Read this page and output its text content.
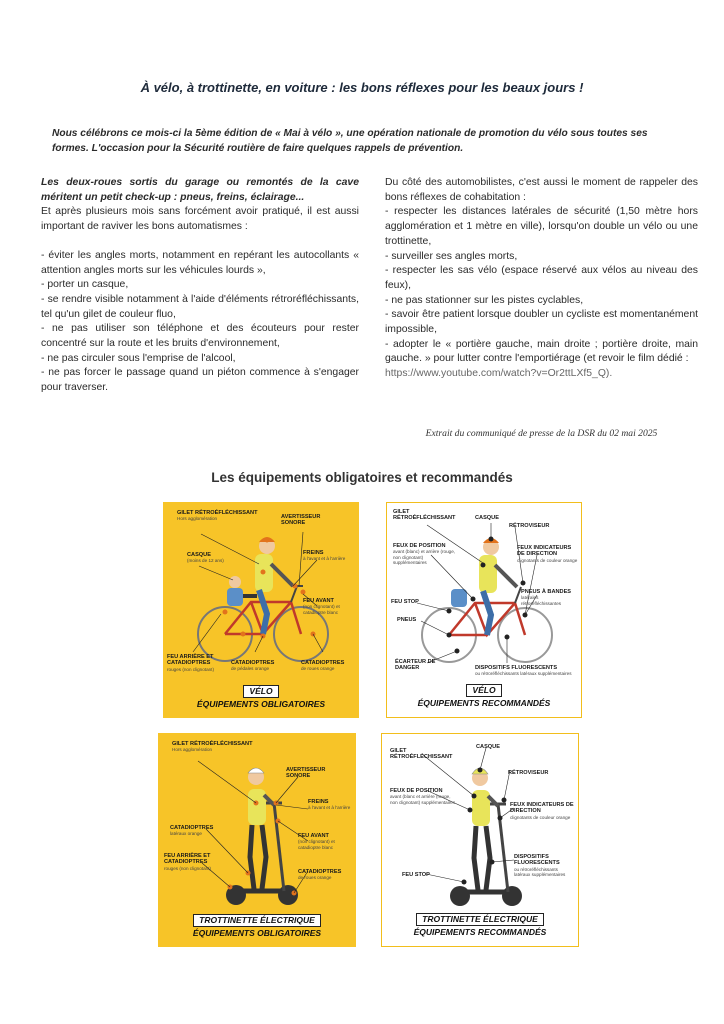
À vélo, à trottinette, en voiture : les bons réflexes pour les beaux jours !
Nous célébrons ce mois-ci la 5ème édition de « Mai à vélo », une opération nationale de promotion du vélo sous toutes ses formes. L'occasion pour la Sécurité routière de faire quelques rappels de prévention.

Les deux-roues sortis du garage ou remontés de la cave méritent un petit check-up : pneus, freins, éclairage...

Et après plusieurs mois sans forcément avoir pratiqué, il est aussi important de raviver les bons automatismes :

- éviter les angles morts, notamment en repérant les autocollants « attention angles morts sur les véhicules lourds »,

- porter un casque,

- se rendre visible notamment à l'aide d'éléments rétroréfléchissants, tel qu'un gilet de couleur fluo,

- ne pas utiliser son téléphone et des écouteurs pour rester concentré sur la route et les bruits d'environnement,

- ne pas circuler sous l'emprise de l'alcool,

- ne pas forcer le passage quand un piéton commence à s'engager pour traverser.

Du côté des automobilistes, c'est aussi le moment de rappeler des bons réflexes de cohabitation :

- respecter les distances latérales de sécurité (1,50 mètre hors agglomération et 1 mètre en ville), lorsqu'on double un vélo ou une trottinette,

- surveiller ses angles morts,

- respecter les sas vélo (espace réservé aux vélos au niveau des feux),

- ne pas stationner sur les pistes cyclables,

- savoir être patient lorsque doubler un cycliste est momentanément impossible,

- adopter le « portière gauche, main droite ; portière droite, main gauche. » pour lutter contre l'emportiérage (et revoir le film dédié :

https://www.youtube.com/watch?v=Or2ttLXf5_Q).

Extrait du communiqué de presse de la DSR du 02 mai 2025
Les équipements obligatoires et recommandés
GILET RÉTROÉFLÉCHISSANT
Hors agglomération	AVERTISSEUR SONORE
CASQUE
(moins de 12 ans)
FREINS
à l'avant et à l'arrière
FEU AVANT
(non clignotant) et catadioptre blanc
FEU ARRIÈRE ET CATADIOPTRES
rouges (non clignotant)
CATADIOPTRES
de pédales orange
CATADIOPTRES
de roues orange
VÉLO
ÉQUIPEMENTS OBLIGATOIRES
GILET RÉTROÉFLÉCHISSANT	CASQUE
RÉTROVISEUR
FEUX DE POSITION
avant (blanc) et arrière (rouge, non clignotant) supplémentaires
FEUX INDICATEURS DE DIRECTION
clignotants de couleur orange
FEU STOP
PNEUS À BANDES
latérales rétroréfléchissantes
PNEUS
ÉCARTEUR DE DANGER	DISPOSITIFS FLUORESCENTS
ou rétroréfléchissants latéraux supplémentaires
VÉLO
ÉQUIPEMENTS RECOMMANDÉS
GILET RÉTROÉFLÉCHISSANT
Hors agglomération
AVERTISSEUR SONORE
FREINS
à l'avant et à l'arrière
CATADIOPTRES
latéraux orange	FEU AVANT
(non clignotant) et catadioptre blanc
FEU ARRIÈRE ET CATADIOPTRES
rouges (non clignotant)
CATADIOPTRES
de roues orange
TROTTINETTE ÉLECTRIQUE
ÉQUIPEMENTS OBLIGATOIRES
GILET RÉTROÉFLÉCHISSANT
CASQUE
RÉTROVISEUR
FEUX DE POSITION
avant (blanc et arrière (rouge, non clignotant) supplémentaires	FEUX INDICATEURS DE DIRECTION
clignotants de couleur orange
FEU STOP
DISPOSITIFS FLUORESCENTS
ou rétroréfléchissants latéraux supplémentaires
TROTTINETTE ÉLECTRIQUE
ÉQUIPEMENTS RECOMMANDÉS
